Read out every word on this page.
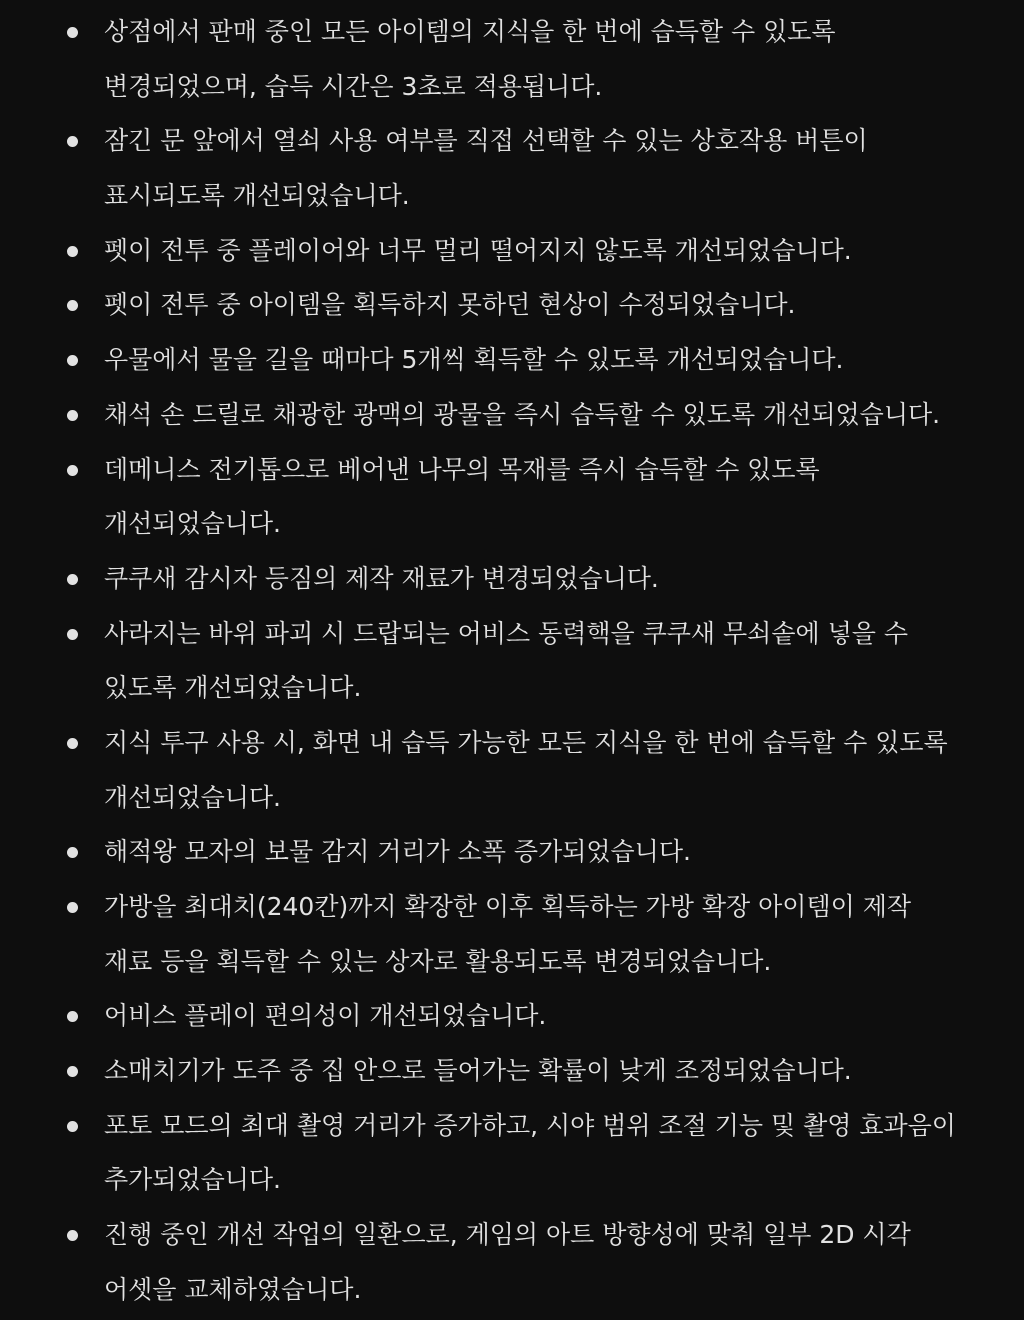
상점에서 판매 중인 모든 아이템의 지식을 한 번에 습득할 수 있도록
변경되었으며, 습득 시간은 3초로 적용됩니다.
잠긴 문 앞에서 열쇠 사용 여부를 직접 선택할 수 있는 상호작용 버튼이
표시되도록 개선되었습니다.
펫이 전투 중 플레이어와 너무 멀리 떨어지지 않도록 개선되었습니다.
펫이 전투 중 아이템을 획득하지 못하던 현상이 수정되었습니다.
우물에서 물을 길을 때마다 5개씩 획득할 수 있도록 개선되었습니다.
채석 손 드릴로 채광한 광맥의 광물을 즉시 습득할 수 있도록 개선되었습니다.
데메니스 전기톱으로 베어낸 나무의 목재를 즉시 습득할 수 있도록
개선되었습니다.
쿠쿠새 감시자 등짐의 제작 재료가 변경되었습니다.
사라지는 바위 파괴 시 드랍되는 어비스 동력핵을 쿠쿠새 무쇠솥에 넣을 수
있도록 개선되었습니다.
지식 투구 사용 시, 화면 내 습득 가능한 모든 지식을 한 번에 습득할 수 있도록
개선되었습니다.
해적왕 모자의 보물 감지 거리가 소폭 증가되었습니다.
가방을 최대치(240칸)까지 확장한 이후 획득하는 가방 확장 아이템이 제작
재료 등을 획득할 수 있는 상자로 활용되도록 변경되었습니다.
어비스 플레이 편의성이 개선되었습니다.
소매치기가 도주 중 집 안으로 들어가는 확률이 낮게 조정되었습니다.
포토 모드의 최대 촬영 거리가 증가하고, 시야 범위 조절 기능 및 촬영 효과음이
추가되었습니다.
진행 중인 개선 작업의 일환으로, 게임의 아트 방향성에 맞춰 일부 2D 시각
어셋을 교체하였습니다.
